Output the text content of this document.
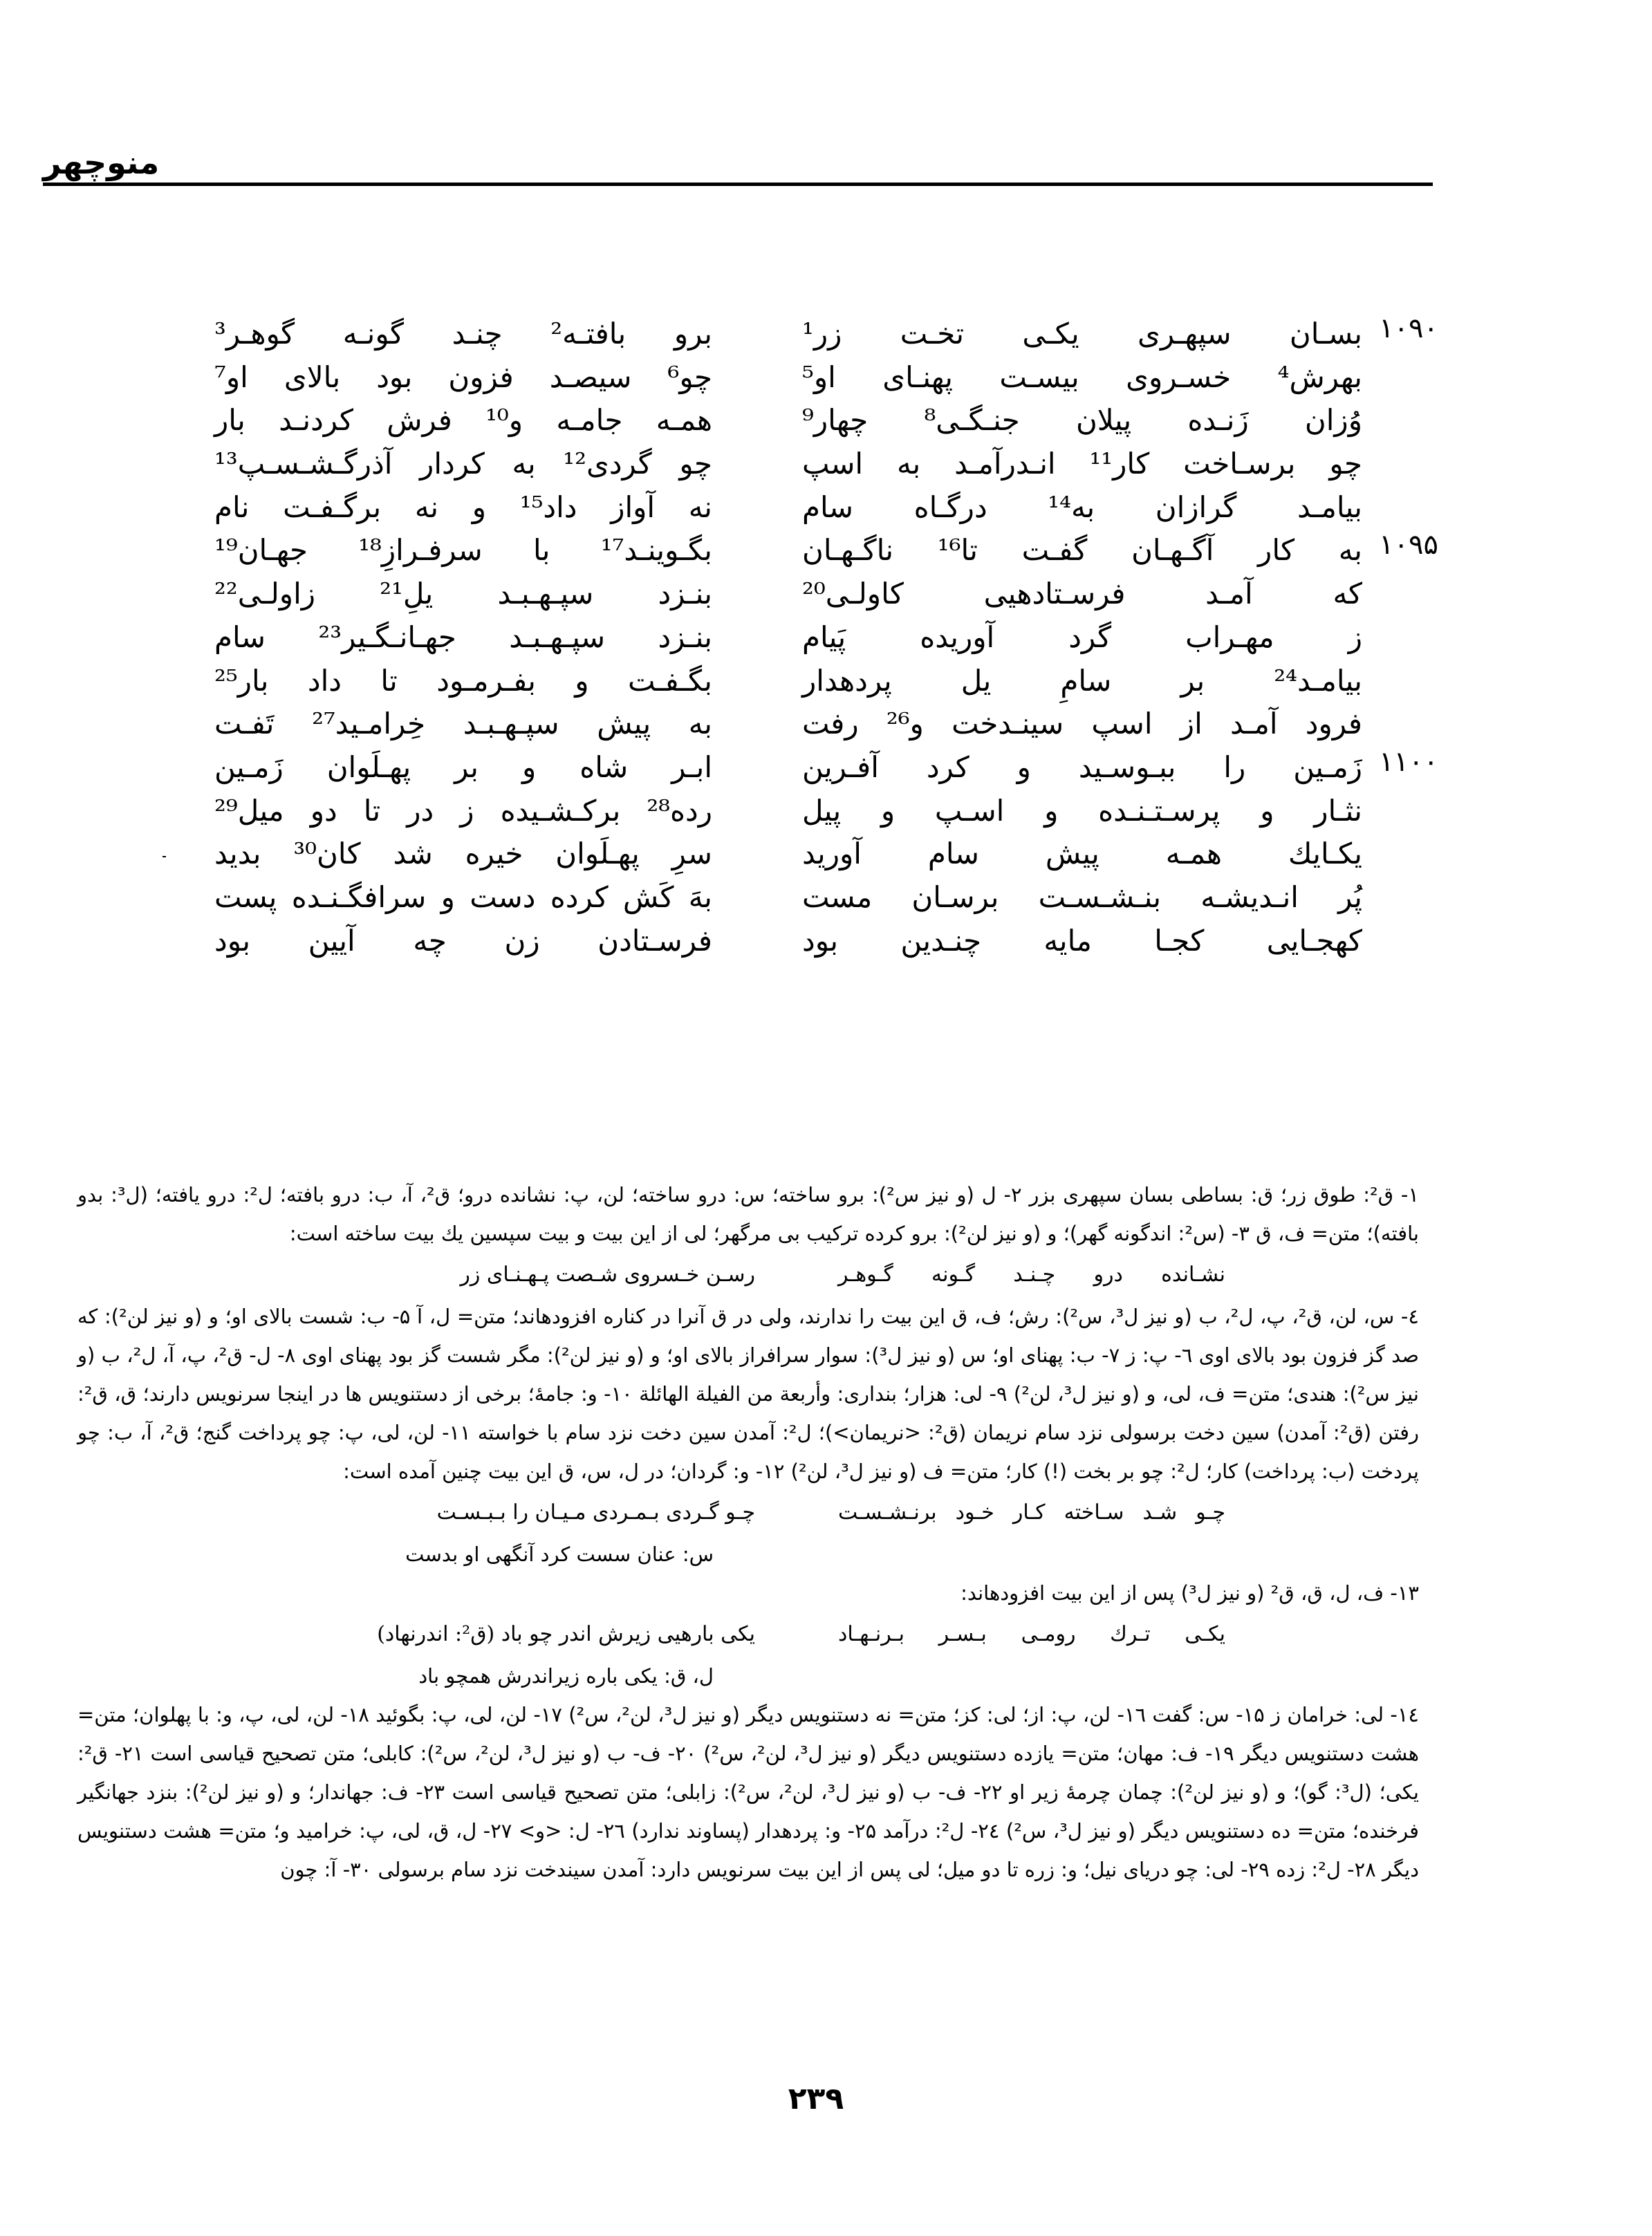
منوچهر
۱۰۹۰
۱۰۹۵
۱۱۰۰
بسـان سپهـری یکـی تخـت زر¹
بهرش⁴ خسـروی بیسـت پهنـای او⁵
وُزان زَنـده پیلان جنـگـی⁸ چهار⁹
چو برسـاخت کار¹¹ انـدرآمـد به اسپ
بیامـد گرازان به¹⁴ درگـاه سام
به کار آگـهـان گفـت تا¹⁶ ناگـهـان
که آمـد فرسـتادهیی کاولـی²⁰
ز مهـراب گرد آوریده پَیام
بیامـد²⁴ بر سامِ یل پردهدار
فرود آمـد از اسپ سینـدخت و²⁶ رفت
زَمـین را ببـوسـید و کرد آفـرین
نثـار و پرسـتـنـده و اسـپ و پیل
یکـایك همـه پیش سام آورید
پُر انـدیشـه بنـشـسـت برسـان مست
کهجـایی کجـا مایه چنـدین بود
برو بافتـه² چنـد گونـه گوهـر³
چو⁶ سیصـد فزون بود بالای او⁷
همـه جامـه و¹⁰ فرش کردنـد بار
چو گردی¹² به کردار آذرگـشـسـپ¹³
نه آواز داد¹⁵ و نه برگـفـت نام
بگـوینـد¹⁷ با سرفـرازِ¹⁸ جهـان¹⁹
بنـزد سپـهـبـد یلِ²¹ زاولـی²²
بنـزد سپـهـبـد جهـانـگـیر²³ سام
بگـفـت و بفـرمـود تا داد بار²⁵
به پیش سپـهـبـد خِرامـید²⁷ تَفـت
ابـر شاه و بر پهـلَوان زَمـین
رده²⁸ برکـشـیده ز در تا دو میل²⁹
سرِ پهـلَوان خیره شد کان³⁰ بدید
بهَ کَش کرده دست و سرافگـنـده پست
فرسـتادن زن چه آیین بود

۱- ق²: طوق زر؛ ق: بساطی بسان سپهری بزر ۲- ل (و نیز س²): برو ساخته؛ س: درو ساخته؛ لن، پ: نشانده درو؛ ق²، آ، ب: درو بافته؛ ل²: درو یافته؛ (ل³: بدو بافته)؛ متن= ف، ق ۳- (س²: اندگونه گهر)؛ و (و نیز لن²): برو کرده ترکیب بی مرگهر؛ لی از این بیت و بیت سپسین یك بیت ساخته است:

نشـانده درو چـنـد گـونه گـوهـر
رسـن خـسروی شـصت پـهـنـای زر

٤- س، لن، ق²، پ، ل²، ب (و نیز ل³، س²): رش؛ ف، ق این بیت را ندارند، ولی در ق آنرا در کناره افزودهاند؛ متن= ل، آ ۵- ب: شست بالای او؛ و (و نیز لن²): که صد گز فزون بود بالای اوی ٦- پ: ز ۷- ب: پهنای او؛ س (و نیز ل³): سوار سرافراز بالای او؛ و (و نیز لن²): مگر شست گز بود پهنای اوی ۸- ل- ق²، پ، آ، ل²، ب (و نیز س²): هندی؛ متن= ف، لی، و (و نیز ل³، لن²) ۹- لی: هزار؛ بنداری: وأربعة من الفیلة الهائلة ۱۰- و: جامهٔ؛ برخی از دستنویس ها در اینجا سرنویس دارند؛ ق، ق²: رفتن (ق²: آمدن) سین دخت برسولی نزد سام نریمان (ق²: <نریمان>)؛ ل²: آمدن سین دخت نزد سام با خواسته ۱۱- لن، لی، پ: چو پرداخت گنج؛ ق²، آ، ب: چو پردخت (ب: پرداخت) کار؛ ل²: چو بر بخت (!) کار؛ متن= ف (و نیز ل³، لن²) ۱۲- و: گردان؛ در ل، س، ق این بیت چنین آمده است:

چـو شـد سـاخته کـار خـود برنـشـسـت
چـو گـردی بـمـردی مـیـان را بـبـسـت

س: عنان سست کرد آنگهی او بدست

۱۳- ف، ل، ق، ق² (و نیز ل³) پس از این بیت افزودهاند:

یکـی تـرك رومـی بـسـر بـرنـهـاد
یکی بارهیی زیرش اندر چو باد (ق²: اندرنهاد)

ل، ق: یکی باره زیراندرش همچو باد

۱٤- لی: خرامان ز ۱۵- س: گفت ۱٦- لن، پ: از؛ لی: کز؛ متن= نه دستنویس دیگر (و نیز ل³، لن²، س²) ۱۷- لن، لی، پ: بگوئید ۱۸- لن، لی، پ، و: با پهلوان؛ متن= هشت دستنویس دیگر ۱۹- ف: مهان؛ متن= یازده دستنویس دیگر (و نیز ل³، لن²، س²) ۲۰- ف- ب (و نیز ل³، لن²، س²): کابلی؛ متن تصحیح قیاسی است ۲۱- ق²: یکی؛ (ل³: گو)؛ و (و نیز لن²): چمان چرمهٔ زیر او ۲۲- ف- ب (و نیز ل³، لن²، س²): زابلی؛ متن تصحیح قیاسی است ۲۳- ف: جهاندار؛ و (و نیز لن²): بنزد جهانگیر فرخنده؛ متن= ده دستنویس دیگر (و نیز ل³، س²) ۲٤- ل²: درآمد ۲۵- و: پردهدار (پساوند ندارد) ۲٦- ل: <و> ۲۷- ل، ق، لی، پ: خرامید و؛ متن= هشت دستنویس دیگر ۲۸- ل²: زده ۲۹- لی: چو دریای نیل؛ و: زره تا دو میل؛ لی پس از این بیت سرنویس دارد: آمدن سیندخت نزد سام برسولی ۳۰- آ: چون

۲۳۹
